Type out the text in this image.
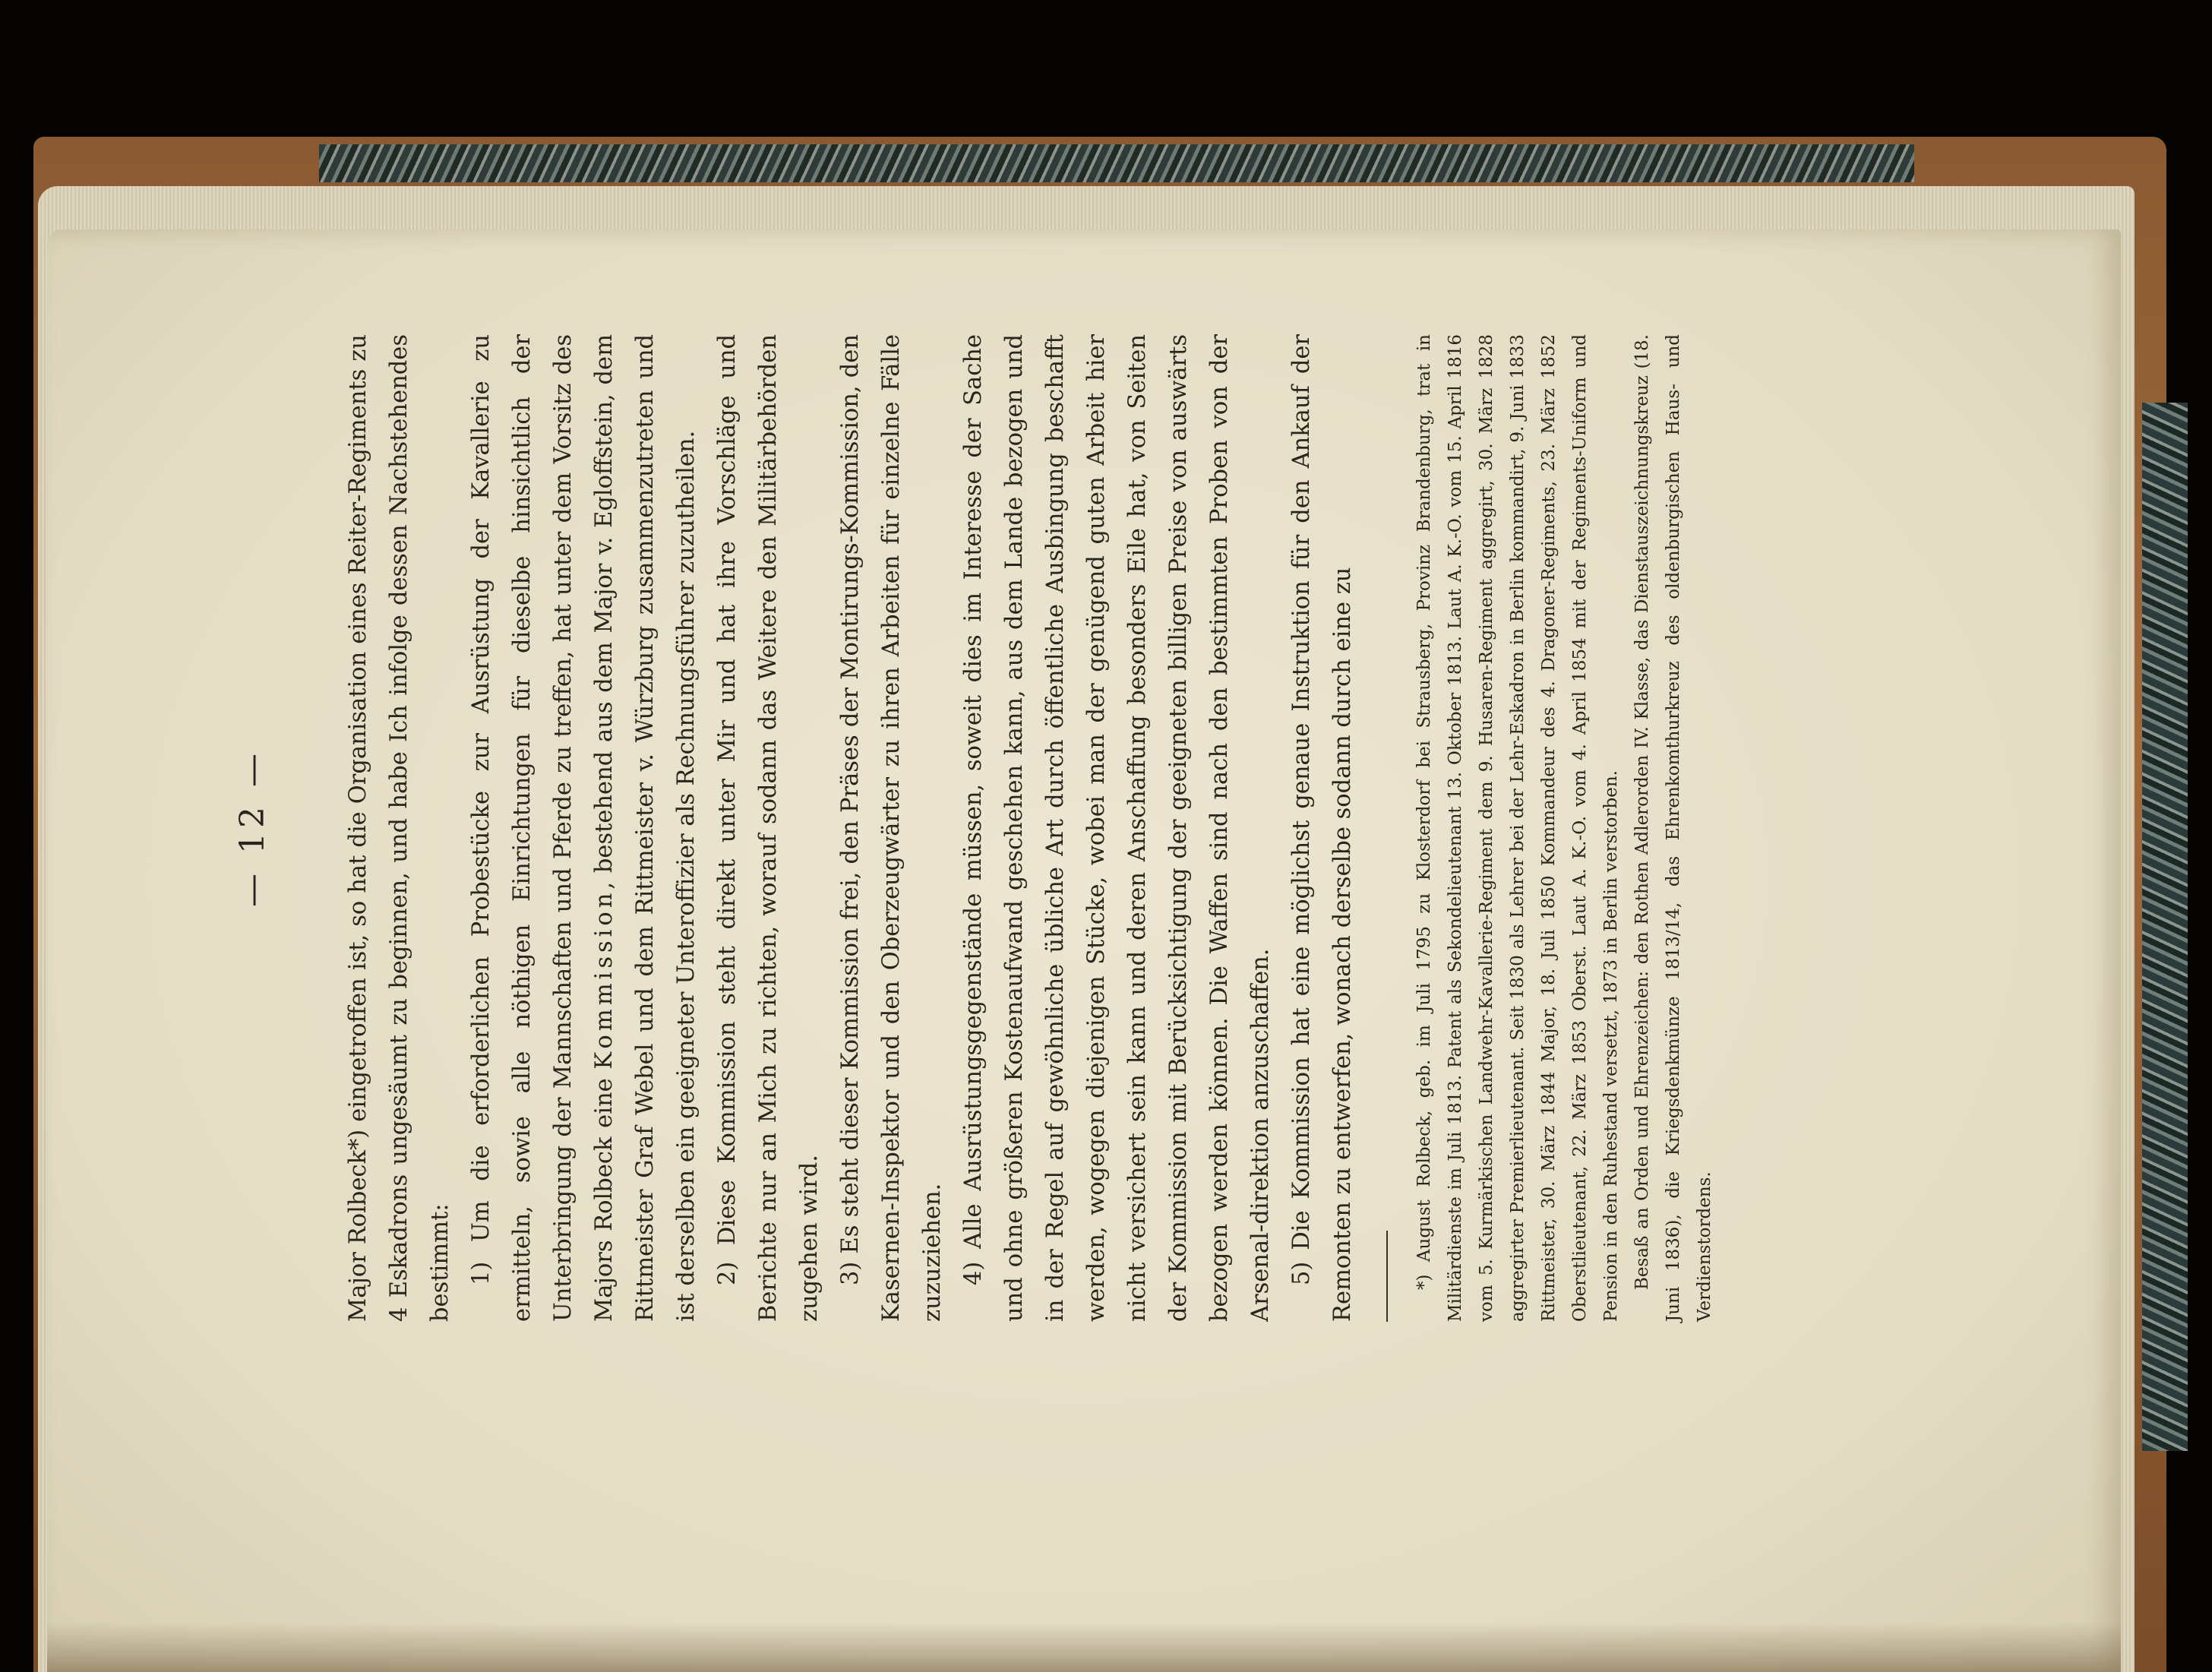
— 12 —	Major Rolbeck*) eingetroffen ist, so hat die Organisation eines Reiter-Regiments zu 4 Eskadrons ungesäumt zu beginnen, und habe Ich infolge dessen Nachstehendes bestimmt: 1) Um die erforderlichen Probestücke zur Ausrüstung der Kavallerie zu ermitteln, sowie alle nöthigen Einrichtungen für dieselbe hinsichtlich der Unterbringung der Mannschaften und Pferde zu treffen, hat unter dem Vorsitz des Majors Rolbeck eine Kommission, bestehend aus dem Major v. Egloffstein, dem Rittmeister Graf Webel und dem Rittmeister v. Würzburg zusammenzutreten und ist derselben ein geeigneter Unteroffizier als Rechnungsführer zuzutheilen. 2) Diese Kommission steht direkt unter Mir und hat ihre Vorschläge und Berichte nur an Mich zu richten, worauf sodann das Weitere den Militärbehörden zugehen wird. 3) Es steht dieser Kommission frei, den Präses der Montirungs-Kommission, den Kasernen-Inspektor und den Oberzeugwärter zu ihren Arbeiten für einzelne Fälle zuzuziehen. 4) Alle Ausrüstungsgegenstände müssen, soweit dies im Interesse der Sache und ohne größeren Kostenaufwand geschehen kann, aus dem Lande bezogen und in der Regel auf gewöhnliche übliche Art durch öffentliche Ausbingung beschafft werden, wogegen diejenigen Stücke, wobei man der genügend guten Arbeit hier nicht versichert sein kann und deren Anschaffung besonders Eile hat, von Seiten der Kommission mit Berücksichtigung der geeigneten billigen Preise von auswärts bezogen werden können. Die Waffen sind nach den bestimmten Proben von der Arsenal-direktion anzuschaffen. 5) Die Kommission hat eine möglichst genaue Instruktion für den Ankauf der Remonten zu entwerfen, wonach derselbe sodann durch eine zu	*) August Rolbeck, geb. im Juli 1795 zu Klosterdorf bei Strausberg, Provinz Brandenburg, trat in Militärdienste im Juli 1813. Patent als Sekondelieutenant 13. Oktober 1813. Laut A. K.-O. vom 15. April 1816 vom 5. Kurmärkischen Landwehr-Kavallerie-Regiment dem 9. Husaren-Regiment aggregirt, 30. März 1828 aggregirter Premierlieutenant. Seit 1830 als Lehrer bei der Lehr-Eskadron in Berlin kommandirt, 9. Juni 1833 Rittmeister, 30. März 1844 Major, 18. Juli 1850 Kommandeur des 4. Dragoner-Regiments, 23. März 1852 Oberstlieutenant, 22. März 1853 Oberst. Laut A. K.-O. vom 4. April 1854 mit der Regiments-Uniform und Pension in den Ruhestand versetzt, 1873 in Berlin verstorben. Besaß an Orden und Ehrenzeichen: den Rothen Adlerorden IV. Klasse, das Dienstauszeichnungskreuz (18. Juni 1836), die Kriegsdenkmünze 1813/14, das Ehrenkomthurkreuz des oldenburgischen Haus- und Verdienstordens.
